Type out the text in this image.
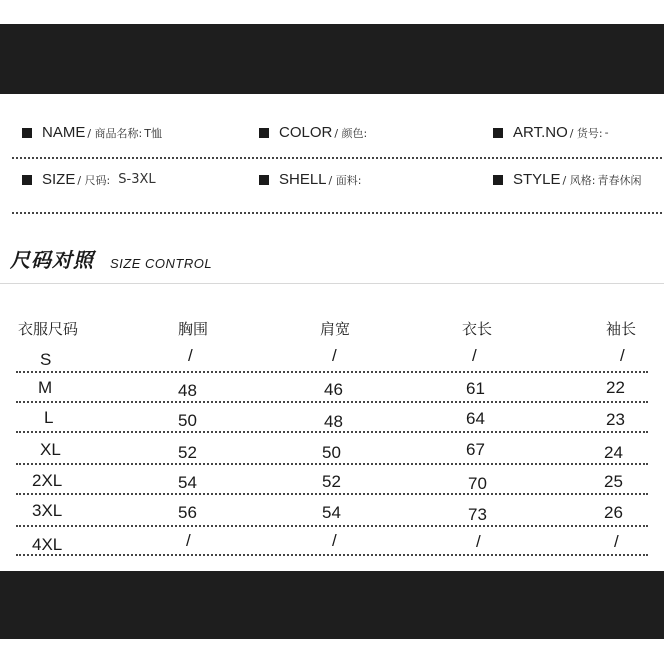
NAME / 商品名称: T恤	COLOR / 颜色:	ART.NO / 货号: -
SIZE / 尺码: S-3XL	SHELL / 面料:	STYLE / 风格: 青春休闲
尺码对照 SIZE CONTROL
衣服尺码	胸围	肩宽	衣长	袖长
S	/	/	/	/
M	48	46	61	22
L	50	48	64	23
XL	52	50	67	24
2XL	54	52	70	25
3XL	56	54	73	26
4XL	/	/	/	/
